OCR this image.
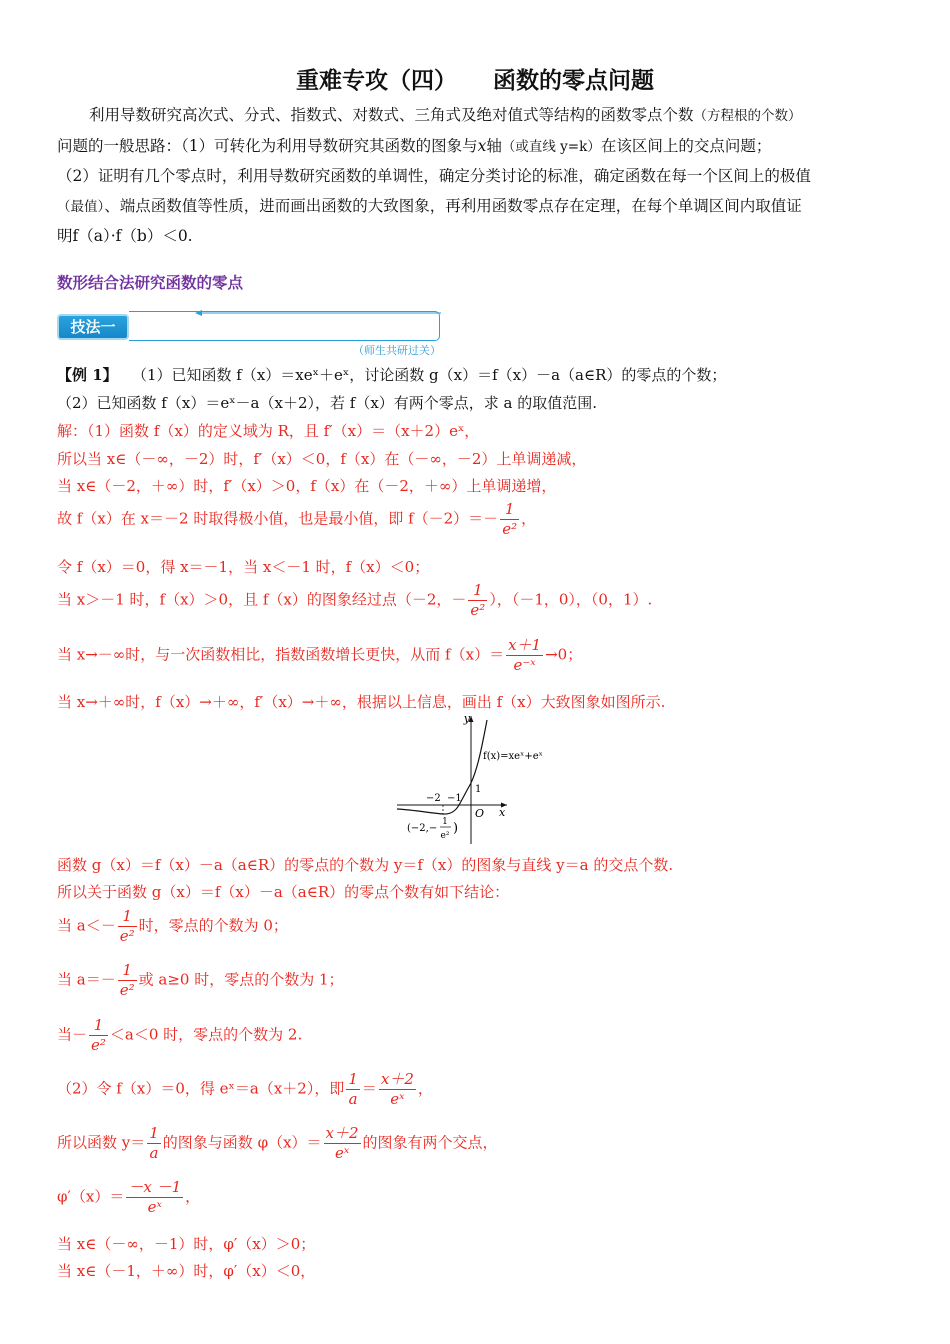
重难专攻（四） 函数的零点问题

利用导数研究高次式、分式、指数式、对数式、三角式及绝对值式等结构的函数零点个数（方程根的个数）

问题的一般思路：（1）可转化为利用导数研究其函数的图象与x轴（或直线 y=k）在该区间上的交点问题；

（2）证明有几个零点时，利用导数研究函数的单调性，确定分类讨论的标准，确定函数在每一个区间上的极值

（最值）、端点函数值等性质，进而画出函数的大致图象，再利用函数零点存在定理，在每个单调区间内取值证

明f（a）·f（b）＜0.

数形结合法研究函数的零点
技法一
（师生共研过关）
【例 1】 （1）已知函数 f（x）＝xeˣ＋eˣ，讨论函数 g（x）＝f（x）－a（a∈R）的零点的个数；
（2）已知函数 f（x）＝eˣ－a（x＋2），若 f（x）有两个零点，求 a 的取值范围.
解：（1）函数 f（x）的定义域为 R，且 f′（x）＝（x＋2）eˣ，
所以当 x∈（－∞，－2）时，f′（x）＜0，f（x）在（－∞，－2）上单调递减，
当 x∈（－2，＋∞）时，f′（x）＞0，f（x）在（－2，＋∞）上单调递增，
故 f（x）在 x＝－2 时取得极小值，也是最小值，即 $f(-2)=- \frac{1}{\text{e²}}$ ，
令 f（x）＝0，得 x＝－1，当 x＜－1 时，f（x）＜0；
当 x＞－1 时，f（x）＞0，且 f（x）的图象经过点（－2，－ $\frac{1}{\text{e²}}$ ），（－1，0），（0，1）.
当 x→－∞时，与一次函数相比，指数函数增长更快，从而 $f(x)= \frac{x+1}{\text{e⁻ˣ}} \to 0$；
当 x→＋∞时，f（x）→＋∞，f′（x）→＋∞，根据以上信息，画出 f（x）大致图象如图所示.
y
x
O
f(x)=xeˣ+eˣ
−2 −1
1
(−2,−
1
e² )
函数 g（x）＝f（x）－a（a∈R）的零点的个数为 y＝f（x）的图象与直线 y＝a 的交点个数.
所以关于函数 g（x）＝f（x）－a（a∈R）的零点个数有如下结论：
当 $a<- \frac{1}{\text{e²}}$ 时，零点的个数为 0；
当 $a=- \frac{1}{\text{e²}}$ 或 a≥0 时，零点的个数为 1；
当－ $\frac{1}{\text{e²}} <a<0$ 时，零点的个数为 2.
（2）令 f（x）＝0，得 eˣ＝a（x＋2），即 $\frac{1}{a} = \frac{x+2}{\text{eˣ}}$ ，
所以函数 $y= \frac{1}{a}$ 的图象与函数 $\varphi(x)= \frac{x+2}{\text{eˣ}}$ 的图象有两个交点，
$\varphi'(x)= \frac{-x -1}{\text{eˣ}}$ ，
当 x∈（－∞，－1）时，φ′（x）＞0；
当 x∈（－1，＋∞）时，φ′（x）＜0，
